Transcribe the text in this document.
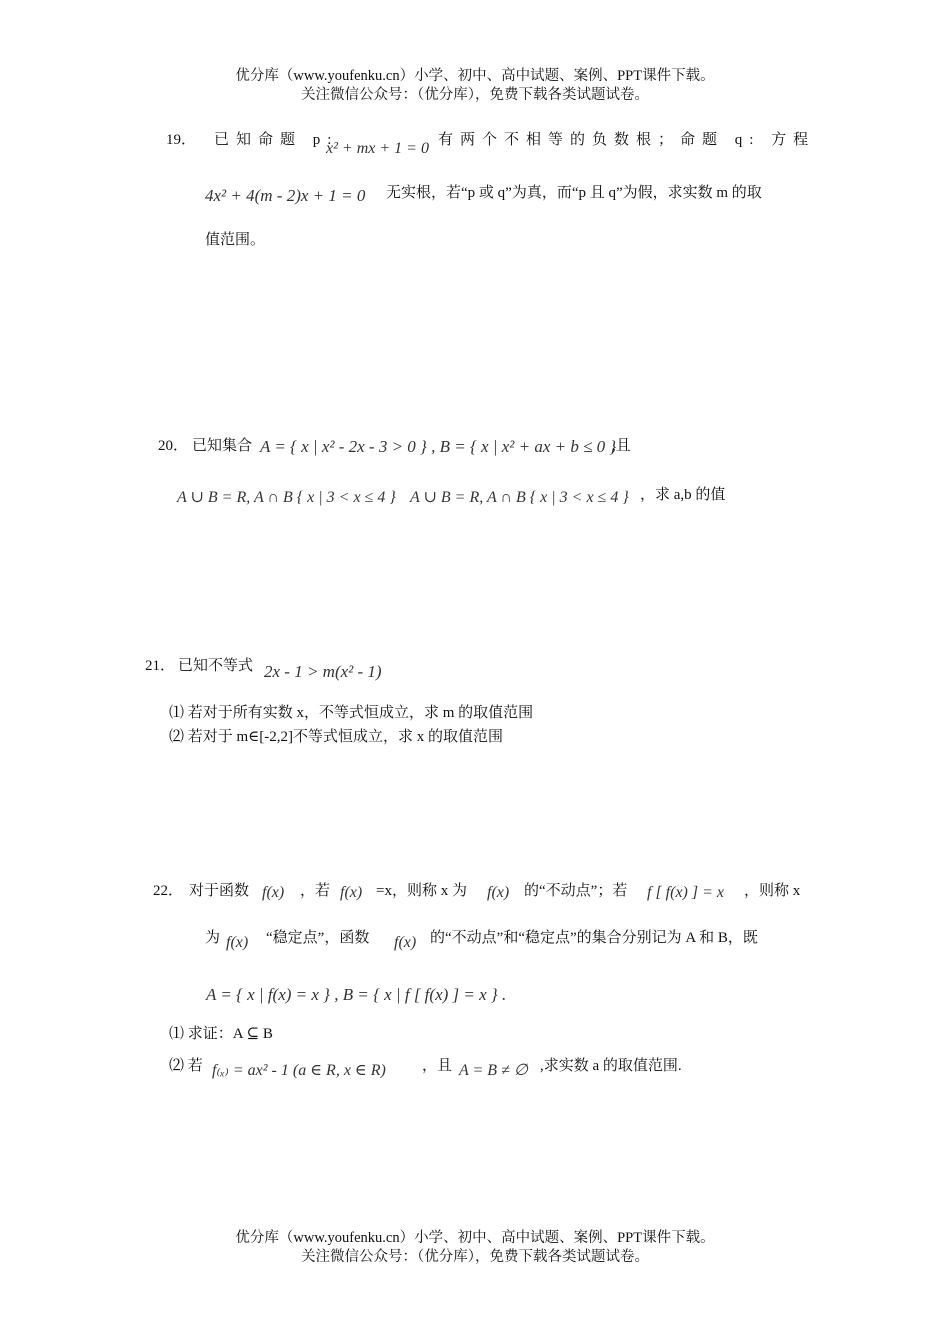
优分库（www.youfenku.cn）小学、初中、高中试题、案例、PPT课件下载。
关注微信公众号：（优分库），免费下载各类试题试卷。
19． 已知命题 p:
x² + mx + 1 = 0 有两个不相等的负数根；命题 q: 方程
4x² + 4(m - 2)x + 1 = 0 无实根，若“p 或 q”为真，而“p 且 q”为假，求实数 m 的取
值范围。
20． 已知集合 A = { x | x² - 2x - 3 > 0 } , B = { x | x² + ax + b ≤ 0 }
,且
A ∪ B = R, A ∩ B { x | 3 < x ≤ 4 } A ∪ B = R, A ∩ B { x | 3 < x ≤ 4 } ，求 a,b 的值
21． 已知不等式 2x - 1 > m(x² - 1)
⑴ 若对于所有实数 x，不等式恒成立，求 m 的取值范围
⑵ 若对于 m∈[-2,2]不等式恒成立，求 x 的取值范围
22． 对于函数 f(x) ，若 f(x) =x，则称 x 为 f(x) 的“不动点”；若 f [ f(x) ] = x ，则称 x
为 f(x) “稳定点”，函数 f(x) 的“不动点”和“稳定点”的集合分别记为 A 和 B，既
A = { x | f(x) = x } , B = { x | f [ f(x) ] = x } .
⑴ 求证：A ⊆ B
⑵ 若 f₍ₓ₎ = ax² - 1 (a ∈ R, x ∈ R) ，且 A = B ≠ ∅ ,求实数 a 的取值范围.
优分库（www.youfenku.cn）小学、初中、高中试题、案例、PPT课件下载。
关注微信公众号：（优分库），免费下载各类试题试卷。
